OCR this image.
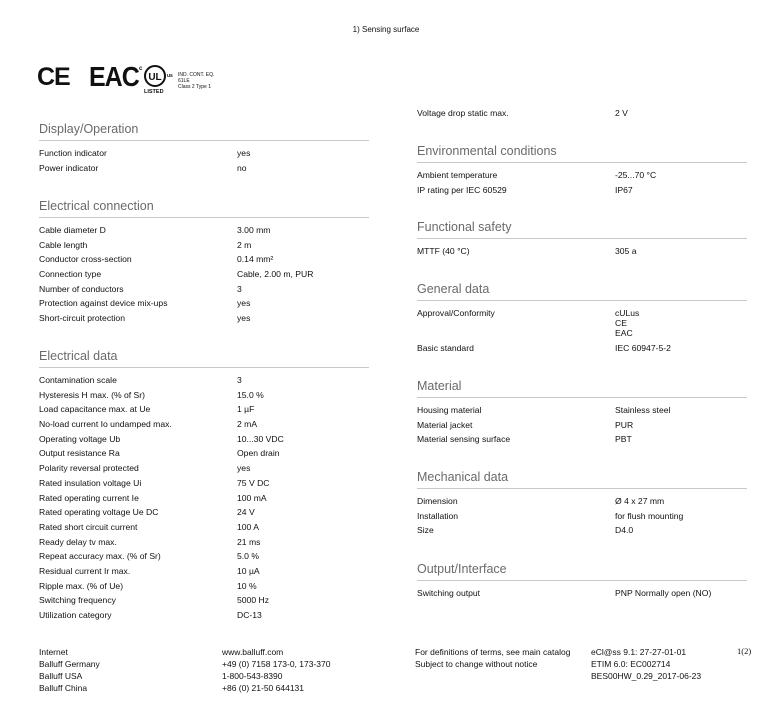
1) Sensing surface
CE EAC c
UL	us IND. CONT. EQ.
61LE
Class 2 Type 1
LISTED
Display/Operation
Function indicator	yes
Power indicator	no
Electrical connection
Cable diameter D	3.00 mm
Cable length	2 m
Conductor cross-section	0.14 mm²
Connection type	Cable, 2.00 m, PUR
Number of conductors	3
Protection against device mix-ups	yes
Short-circuit protection	yes
Electrical data
Contamination scale	3
Hysteresis H max. (% of Sr)	15.0 %
Load capacitance max. at Ue	1 µF
No-load current Io undamped max.	2 mA
Operating voltage Ub	10...30 VDC
Output resistance Ra	Open drain
Polarity reversal protected	yes
Rated insulation voltage Ui	75 V DC
Rated operating current Ie	100 mA
Rated operating voltage Ue DC	24 V
Rated short circuit current	100 A
Ready delay tv max.	21 ms
Repeat accuracy max. (% of Sr)	5.0 %
Residual current Ir max.	10 µA
Ripple max. (% of Ue)	10 %
Switching frequency	5000 Hz
Utilization category	DC-13
Voltage drop static max.	2 V
Environmental conditions
Ambient temperature	-25...70 °C
IP rating per IEC 60529	IP67
Functional safety
MTTF (40 °C)	305 a
General data
Approval/Conformity	cULus
CE
EAC
Basic standard	IEC 60947-5-2
Material
Housing material	Stainless steel
Material jacket	PUR
Material sensing surface	PBT
Mechanical data
Dimension	Ø 4 x 27 mm
Installation	for flush mounting
Size	D4.0
Output/Interface
Switching output	PNP Normally open (NO)
Internet	www.balluff.com
Balluff Germany	+49 (0) 7158 173-0, 173-370
Balluff USA	1-800-543-8390
Balluff China	+86 (0) 21-50 644131
For definitions of terms, see main catalog eCl@ss 9.1: 27-27-01-01
Subject to change without notice	ETIM 6.0: EC002714
BES00HW_0.29_2017-06-23
1(2)
